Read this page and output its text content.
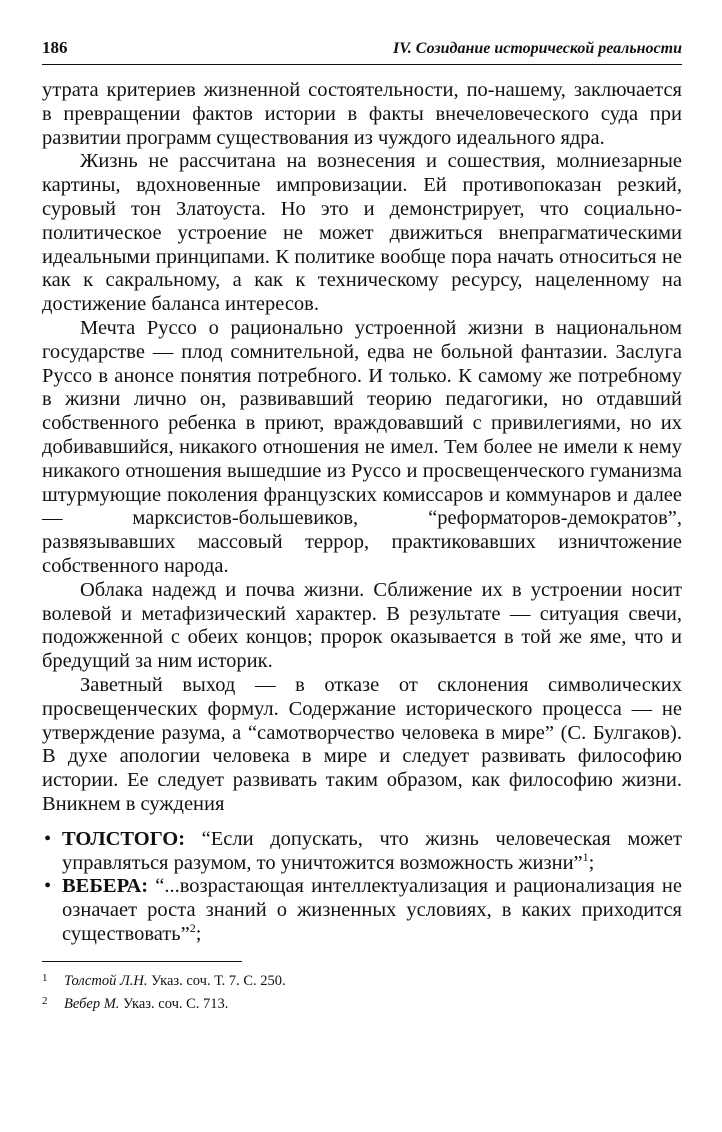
186	IV. Созидание исторической реальности

утрата критериев жизненной состоятельности, по-нашему, заключается в превращении фактов истории в факты внечеловеческого суда при развитии программ существования из чуждого идеального ядра.

Жизнь не рассчитана на вознесения и сошествия, молниезарные картины, вдохновенные импровизации. Ей противопоказан резкий, суровый тон Златоуста. Но это и демонстрирует, что социально-политическое устроение не может движиться внепрагматическими идеальными принципами. К политике вообще пора начать относиться не как к сакральному, а как к техническому ресурсу, нацеленному на достижение баланса интересов.

Мечта Руссо о рационально устроенной жизни в национальном государстве — плод сомнительной, едва не больной фантазии. Заслуга Руссо в анонсе понятия потребного. И только. К самому же потребному в жизни лично он, развивавший теорию педагогики, но отдавший собственного ребенка в приют, враждовавший с привилегиями, но их добивавшийся, никакого отношения не имел. Тем более не имели к нему никакого отношения вышедшие из Руссо и просвещенческого гуманизма штурмующие поколения французских комиссаров и коммунаров и далее — марксистов-большевиков, “реформаторов-демократов”, развязывавших массовый террор, практиковавших изничтожение собственного народа.

Облака надежд и почва жизни. Сближение их в устроении носит волевой и метафизический характер. В результате — ситуация свечи, подожженной с обеих концов; пророк оказывается в той же яме, что и бредущий за ним историк.

Заветный выход — в отказе от склонения символических просвещенческих формул. Содержание исторического процесса — не утверждение разума, а “самотворчество человека в мире” (С. Булгаков). В духе апологии человека в мире и следует развивать философию истории. Ее следует развивать таким образом, как философию жизни. Вникнем в суждения

• ТОЛСТОГО: “Если допускать, что жизнь человеческая может управляться разумом, то уничтожится возможность жизни”$^1$;
• ВЕБЕРА: “...возрастающая интеллектуализация и рационализация не означает роста знаний о жизненных условиях, в каких приходится существовать”$^2$;
1 Толстой Л.Н. Указ. соч. Т. 7. С. 250.
2 Вебер М. Указ. соч. С. 713.
